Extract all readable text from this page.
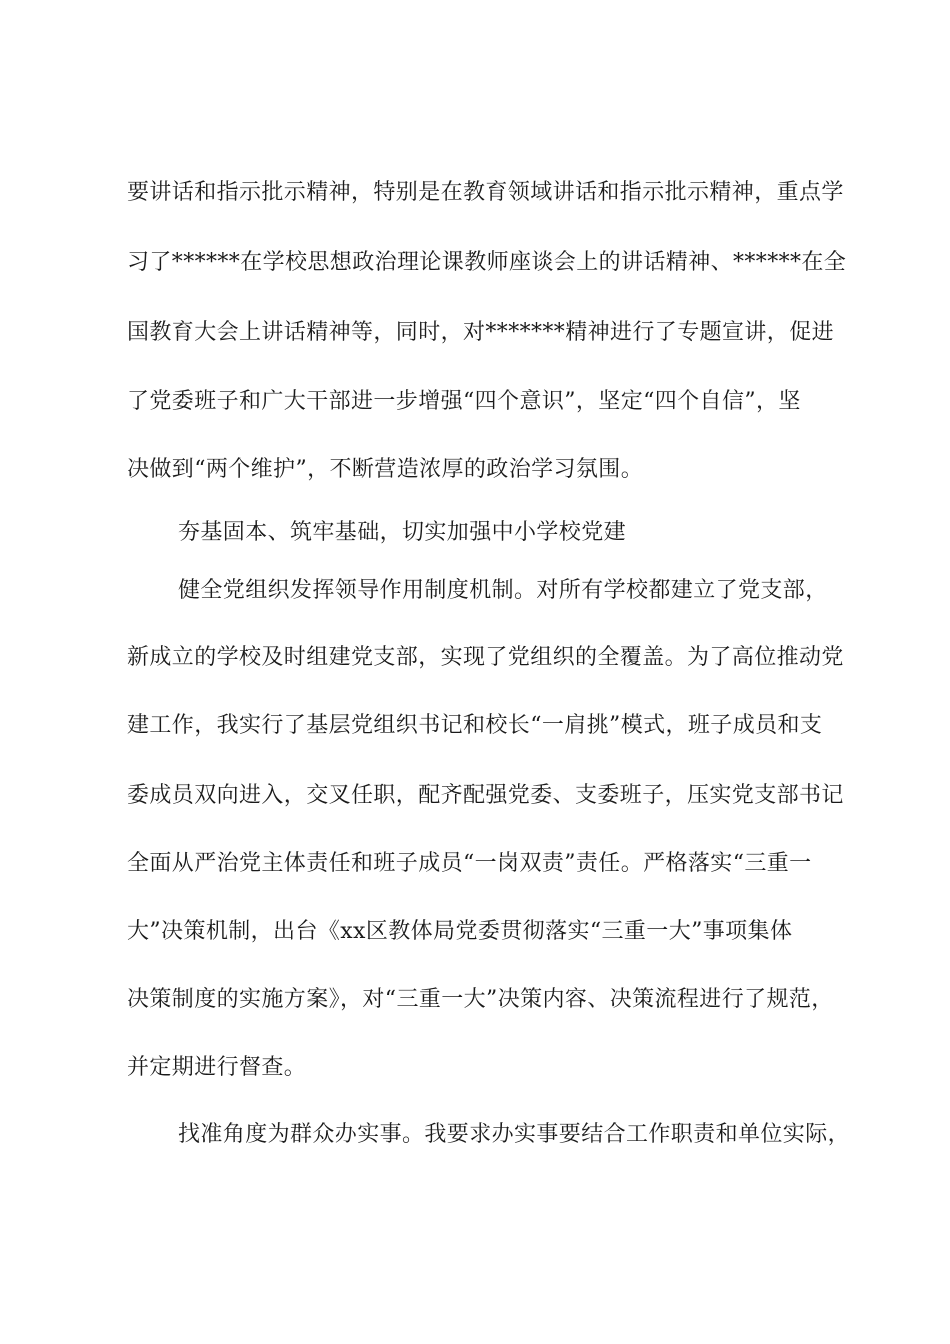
要讲话和指示批示精神，特别是在教育领域讲话和指示批示精神，重点学
习了******在学校思想政治理论课教师座谈会上的讲话精神、******在全
国教育大会上讲话精神等，同时，对*******精神进行了专题宣讲，促进
了党委班子和广大干部进一步增强“四个意识”，坚定“四个自信”，坚
决做到“两个维护”，不断营造浓厚的政治学习氛围。
夯基固本、筑牢基础，切实加强中小学校党建
健全党组织发挥领导作用制度机制。对所有学校都建立了党支部，
新成立的学校及时组建党支部，实现了党组织的全覆盖。为了高位推动党
建工作，我实行了基层党组织书记和校长“一肩挑”模式，班子成员和支
委成员双向进入，交叉任职，配齐配强党委、支委班子，压实党支部书记
全面从严治党主体责任和班子成员“一岗双责”责任。严格落实“三重一
大”决策机制，出台《xx区教体局党委贯彻落实“三重一大”事项集体
决策制度的实施方案》，对“三重一大”决策内容、决策流程进行了规范，
并定期进行督查。
找准角度为群众办实事。我要求办实事要结合工作职责和单位实际，
